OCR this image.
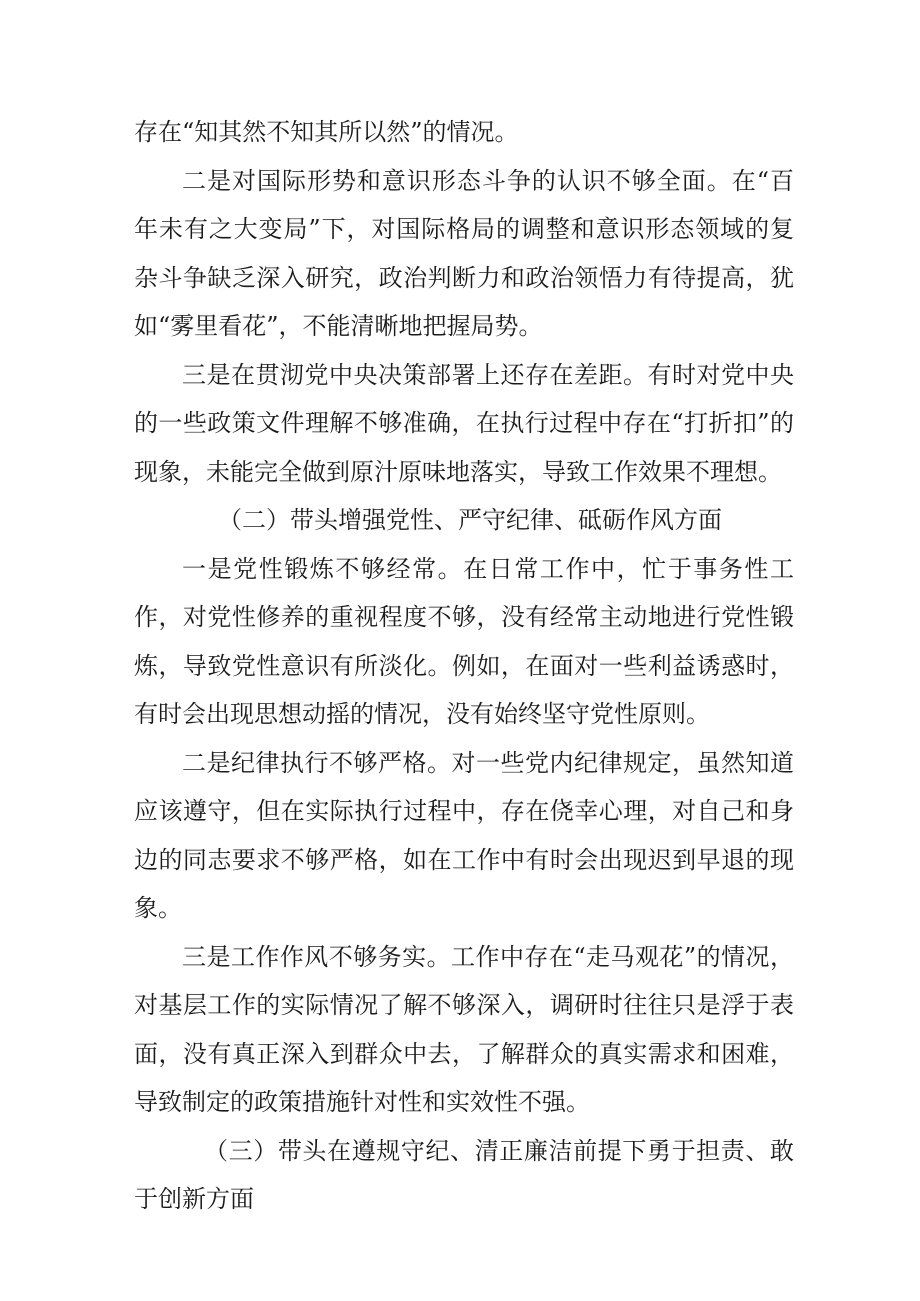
存在“知其然不知其所以然”的情况。

二是对国际形势和意识形态斗争的认识不够全面。在“百年未有之大变局”下，对国际格局的调整和意识形态领域的复杂斗争缺乏深入研究，政治判断力和政治领悟力有待提高，犹如“雾里看花”，不能清晰地把握局势。

三是在贯沏党中央决策部署上还存在差距。有时对党中央的一些政策文件理解不够准确，在执行过程中存在“打折扣”的现象，未能完全做到原汁原味地落实，导致工作效果不理想。

（二）带头增强党性、严守纪律、砥砺作风方面

一是党性锻炼不够经常。在日常工作中，忙于事务性工作，对党性修养的重视程度不够，没有经常主动地进行党性锻炼，导致党性意识有所淡化。例如，在面对一些利益诱惑时，有时会出现思想动摇的情况，没有始终坚守党性原则。

二是纪律执行不够严格。对一些党内纪律规定，虽然知道应该遵守，但在实际执行过程中，存在侥幸心理，对自己和身边的同志要求不够严格，如在工作中有时会出现迟到早退的现象。

三是工作作风不够务实。工作中存在“走马观花”的情况，对基层工作的实际情况了解不够深入，调研时往往只是浮于表面，没有真正深入到群众中去，了解群众的真实需求和困难，导致制定的政策措施针对性和实效性不强。

（三）带头在遵规守纪、清正廉洁前提下勇于担责、敢于创新方面
